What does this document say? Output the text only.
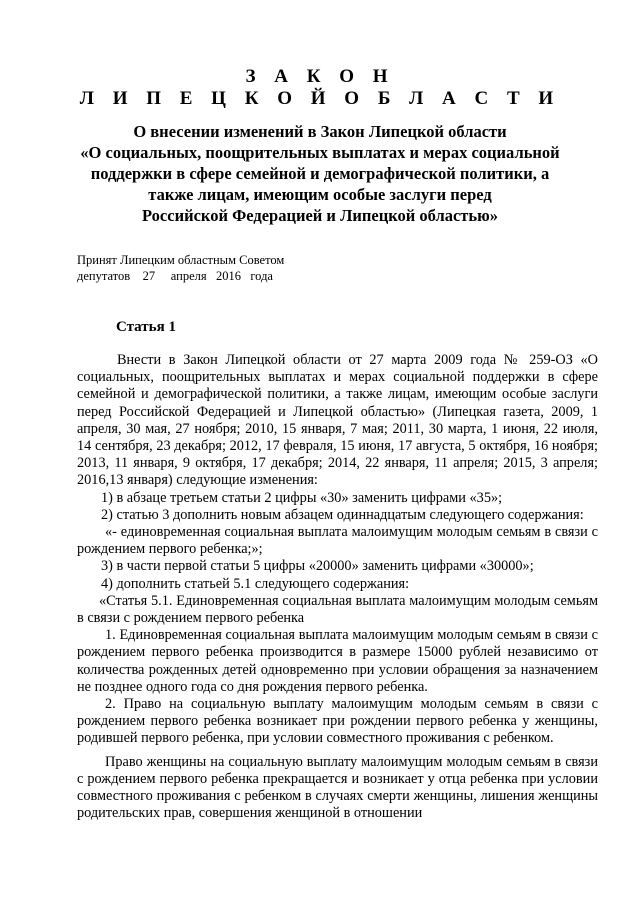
З А К О Н
Л И П Е Ц К О Й О Б Л А С Т И
О внесении изменений в Закон Липецкой области
«О социальных, поощрительных выплатах и мерах социальной
поддержки в сфере семейной и демографической политики, а
также лицам, имеющим особые заслуги перед
Российской Федерацией и Липецкой областью»
Принят Липецким областным Советом
депутатов    27     апреля   2016   года
Статья 1

Внести в Закон Липецкой области от 27 марта 2009 года № 259-ОЗ «О социальных, поощрительных выплатах и мерах социальной поддержки в сфере семейной и демографической политики, а также лицам, имеющим особые заслуги перед Российской Федерацией и Липецкой областью» (Липецкая газета, 2009, 1 апреля, 30 мая, 27 ноября; 2010, 15 января, 7 мая; 2011, 30 марта, 1 июня, 22 июля, 14 сентября, 23 декабря; 2012, 17 февраля, 15 июня, 17 августа, 5 октября, 16 ноября; 2013, 11 января, 9 октября, 17 декабря; 2014, 22 января, 11 апреля; 2015, 3 апреля; 2016,13 января) следующие изменения:

1) в абзаце третьем статьи 2 цифры «30» заменить цифрами «35»;

2) статью 3 дополнить новым абзацем одиннадцатым следующего содержания:

«- единовременная социальная выплата малоимущим молодым семьям в связи с рождением первого ребенка;»;

3) в части первой статьи 5 цифры «20000» заменить цифрами «30000»;

4) дополнить статьей 5.1 следующего содержания:

«Статья 5.1. Единовременная социальная выплата малоимущим молодым семьям в связи с рождением первого ребенка

1. Единовременная социальная выплата малоимущим молодым семьям в связи с рождением первого ребенка производится в размере 15000 рублей независимо от количества рожденных детей одновременно при условии обращения за назначением не позднее одного года со дня рождения первого ребенка.

2. Право на социальную выплату малоимущим молодым семьям в связи с рождением первого ребенка возникает при рождении первого ребенка у женщины, родившей первого ребенка, при условии совместного проживания с ребенком.

Право женщины на социальную выплату малоимущим молодым семьям в связи с рождением первого ребенка прекращается и возникает у отца ребенка при условии совместного проживания с ребенком в случаях смерти женщины, лишения женщины родительских прав, совершения женщиной в отношении
